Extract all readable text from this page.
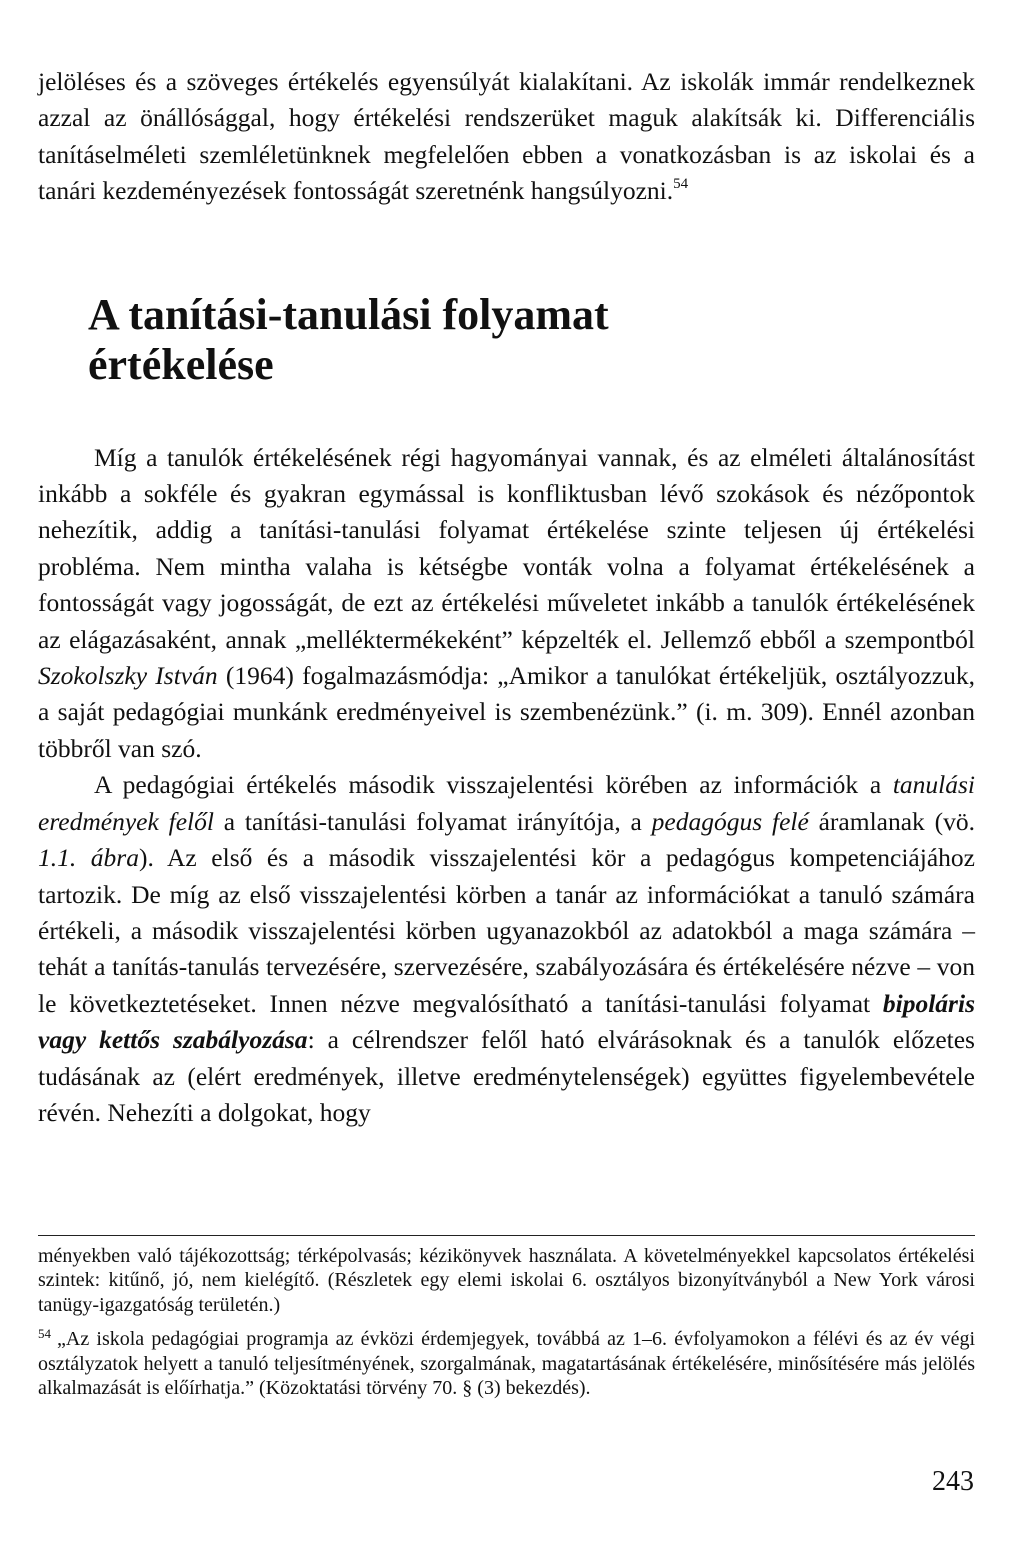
jelöléses és a szöveges értékelés egyensúlyát kialakítani. Az iskolák immár rendelkeznek azzal az önállósággal, hogy értékelési rendszerüket maguk alakítsák ki. Differenciális tanításelméleti szemléletünknek megfelelően ebben a vonatkozásban is az iskolai és a tanári kezdeményezések fontosságát szeretnénk hangsúlyozni.$^{54}$

A tanítási-tanulási folyamat
értékelése

Míg a tanulók értékelésének régi hagyományai vannak, és az elméleti általánosítást inkább a sokféle és gyakran egymással is konfliktusban lévő szokások és nézőpontok nehezítik, addig a tanítási-tanulási folyamat értékelése szinte teljesen új értékelési probléma. Nem mintha valaha is kétségbe vonták volna a folyamat értékelésének a fontosságát vagy jogosságát, de ezt az értékelési műveletet inkább a tanulók értékelésének az elágazásaként, annak „melléktermékeként” képzelték el. Jellemző ebből a szempontból Szokolszky István (1964) fogalmazásmódja: „Amikor a tanulókat értékeljük, osztályozzuk, a saját pedagógiai munkánk eredményeivel is szembenézünk.” (i. m. 309). Ennél azonban többről van szó.

A pedagógiai értékelés második visszajelentési körében az információk a tanulási eredmények felől a tanítási-tanulási folyamat irányítója, a pedagógus felé áramlanak (vö. 1.1. ábra). Az első és a második visszajelentési kör a pedagógus kompetenciájához tartozik. De míg az első visszajelentési körben a tanár az információkat a tanuló számára értékeli, a második visszajelentési körben ugyanazokból az adatokból a maga számára – tehát a tanítás-tanulás tervezésére, szervezésére, szabályozására és értékelésére nézve – von le következtetéseket. Innen nézve megvalósítható a tanítási-tanulási folyamat bipoláris vagy kettős szabályozása: a célrendszer felől ható elvárásoknak és a tanulók előzetes tudásának az (elért eredmények, illetve eredménytelenségek) együttes figyelembevétele révén. Nehezíti a dolgokat, hogy

ményekben való tájékozottság; térképolvasás; kézikönyvek használata. A követelményekkel kapcsolatos értékelési szintek: kitűnő, jó, nem kielégítő. (Részletek egy elemi iskolai 6. osztályos bizonyítványból a New York városi tanügy-igazgatóság területén.)

$^{54}$ „Az iskola pedagógiai programja az évközi érdemjegyek, továbbá az 1–6. évfolyamokon a félévi és az év végi osztályzatok helyett a tanuló teljesítményének, szorgalmának, magatartásának értékelésére, minősítésére más jelölés alkalmazását is előírhatja.” (Közoktatási törvény 70. § (3) bekezdés).

243
